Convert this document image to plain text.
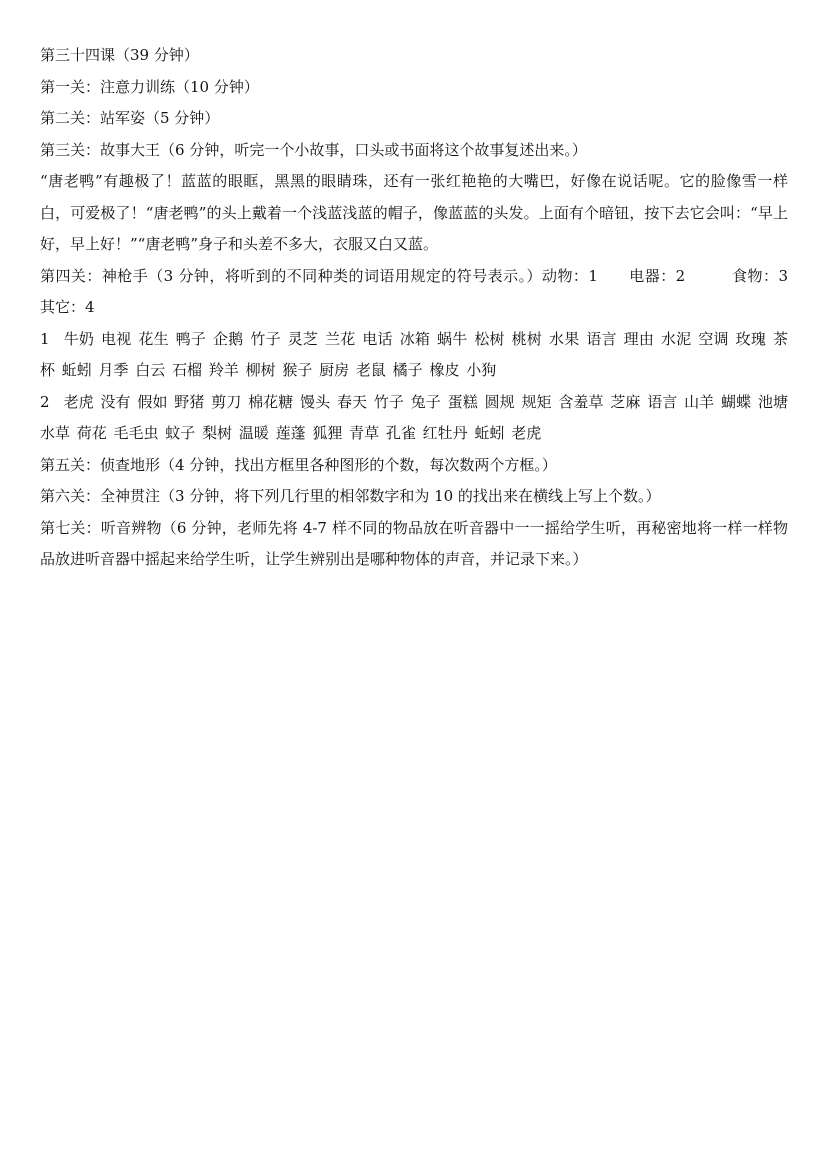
第三十四课（39 分钟）
第一关：注意力训练（10 分钟）
第二关：站军姿（5 分钟）
第三关：故事大王（6 分钟，听完一个小故事，口头或书面将这个故事复述出来。）
“唐老鸭”有趣极了！蓝蓝的眼眶，黑黑的眼睛珠，还有一张红艳艳的大嘴巴，好像在说话呢。它的脸像雪一样白，可爱极了！“唐老鸭”的头上戴着一个浅蓝浅蓝的帽子，像蓝蓝的头发。上面有个暗钮，按下去它会叫：“早上好，早上好！”“唐老鸭”身子和头差不多大，衣服又白又蓝。
第四关：神枪手（3 分钟，将听到的不同种类的词语用规定的符号表示。）动物：1　　电器：2　　　食物：3　其它：4
1 牛奶 电视 花生 鸭子 企鹅 竹子 灵芝 兰花 电话 冰箱 蜗牛 松树 桃树 水果 语言 理由 水泥 空调 玫瑰 茶杯 蚯蚓 月季 白云 石榴 羚羊 柳树 猴子 厨房 老鼠 橘子 橡皮 小狗
2 老虎 没有 假如 野猪 剪刀 棉花糖 馒头 春天 竹子 兔子 蛋糕 圆规 规矩 含羞草 芝麻 语言 山羊 蝴蝶 池塘 水草 荷花 毛毛虫 蚊子 梨树 温暖 莲蓬 狐狸 青草 孔雀 红牡丹 蚯蚓 老虎
第五关：侦查地形（4 分钟，找出方框里各种图形的个数，每次数两个方框。）
第六关：全神贯注（3 分钟，将下列几行里的相邻数字和为 10 的找出来在横线上写上个数。）
第七关：听音辨物（6 分钟，老师先将 4-7 样不同的物品放在听音器中一一摇给学生听，再秘密地将一样一样物品放进听音器中摇起来给学生听，让学生辨别出是哪种物体的声音，并记录下来。）
